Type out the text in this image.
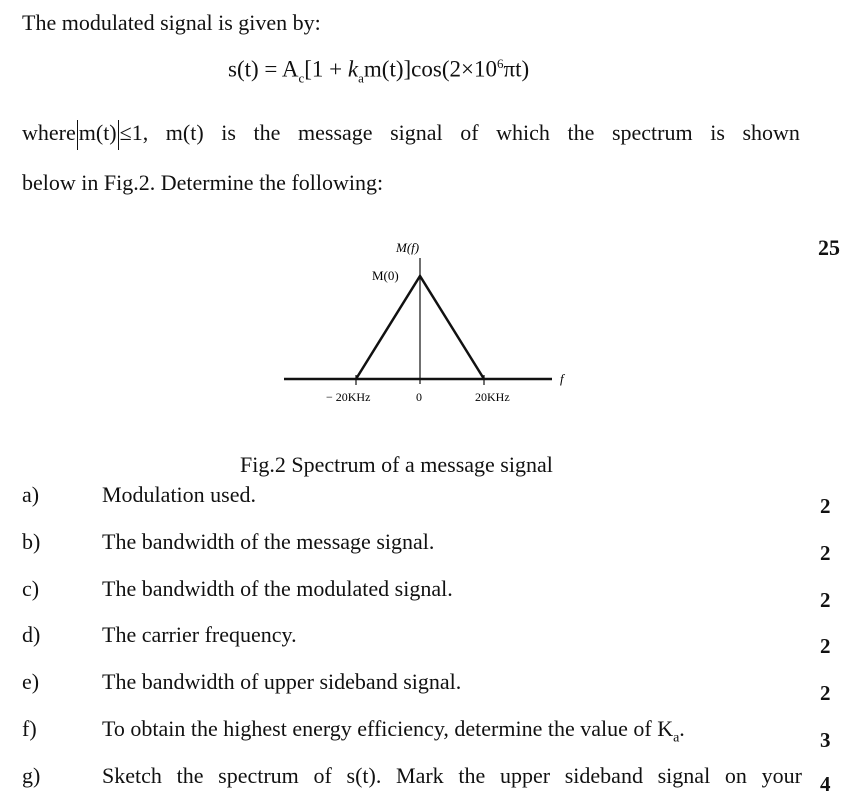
The modulated signal is given by:
$s(t) = A_c[1 + k_am(t)]\cos(2\times 10^6\pi t)$
where m(t) ≤1, m(t) is the message signal of which the spectrum is shown
below in Fig.2. Determine the following:
25
M(f)
M(0)
f
− 20KHz	0	20KHz
Fig.2 Spectrum of a message signal
a)	Modulation used.	2
b)	The bandwidth of the message signal.	2
c)	The bandwidth of the modulated signal.	2
d)	The carrier frequency.	2
e)	The bandwidth of upper sideband signal.	2
f)	To obtain the highest energy efficiency, determine the value of $K_a$.	3
g)	Sketch the spectrum of s(t). Mark the upper sideband signal on your 4
